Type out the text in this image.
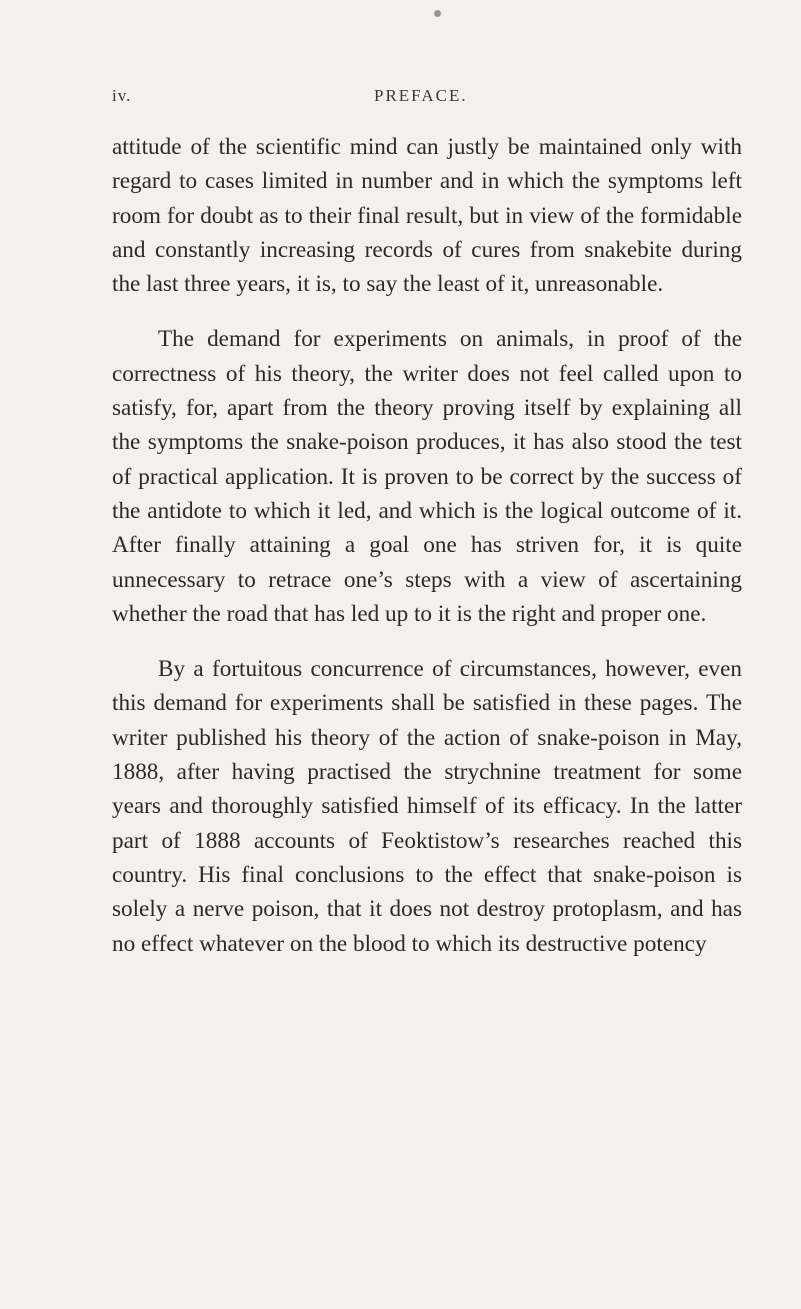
iv.	PREFACE.

attitude of the scientific mind can justly be maintained only with regard to cases limited in number and in which the symptoms left room for doubt as to their final result, but in view of the formidable and constantly increasing records of cures from snakebite during the last three years, it is, to say the least of it, unreasonable.

The demand for experiments on animals, in proof of the correctness of his theory, the writer does not feel called upon to satisfy, for, apart from the theory proving itself by explaining all the symptoms the snake-poison produces, it has also stood the test of practical application. It is proven to be correct by the success of the antidote to which it led, and which is the logical outcome of it. After finally attaining a goal one has striven for, it is quite unnecessary to retrace one’s steps with a view of ascertaining whether the road that has led up to it is the right and proper one.

By a fortuitous concurrence of circumstances, however, even this demand for experiments shall be satisfied in these pages. The writer published his theory of the action of snake-poison in May, 1888, after having practised the strychnine treatment for some years and thoroughly satisfied himself of its efficacy. In the latter part of 1888 accounts of Feoktistow’s researches reached this country. His final conclusions to the effect that snake-poison is solely a nerve poison, that it does not destroy protoplasm, and has no effect whatever on the blood to which its destructive potency
